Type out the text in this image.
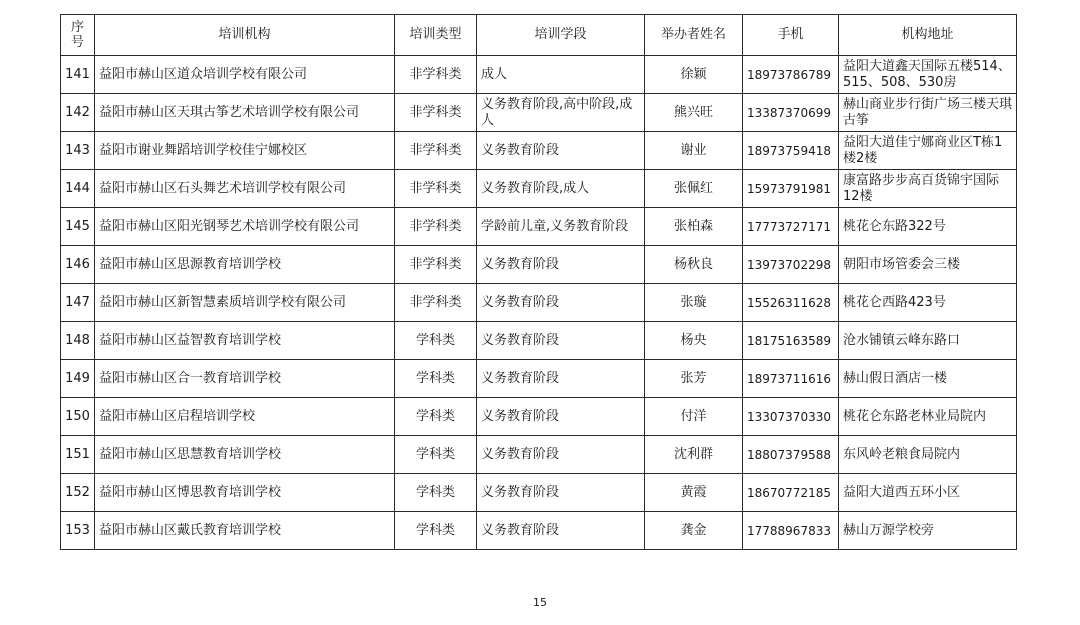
序
号	培训机构	培训类型	培训学段	举办者姓名	手机	机构地址
141	益阳市赫山区道众培训学校有限公司	非学科类	成人	徐颖	18973786789	益阳大道鑫天国际五楼514、515、508、530房
142	益阳市赫山区天琪古筝艺术培训学校有限公司	非学科类	义务教育阶段,高中阶段,成人	熊兴旺	13387370699	赫山商业步行街广场三楼天琪古筝
143	益阳市谢业舞蹈培训学校佳宁娜校区	非学科类	义务教育阶段	谢业	18973759418	益阳大道佳宁娜商业区T栋1楼2楼
144	益阳市赫山区石头舞艺术培训学校有限公司	非学科类	义务教育阶段,成人	张佩红	15973791981	康富路步步高百货锦宇国际12楼
145	益阳市赫山区阳光钢琴艺术培训学校有限公司	非学科类	学龄前儿童,义务教育阶段	张柏森	17773727171	桃花仑东路322号
146	益阳市赫山区思源教育培训学校	非学科类	义务教育阶段	杨秋良	13973702298	朝阳市场管委会三楼
147	益阳市赫山区新智慧素质培训学校有限公司	非学科类	义务教育阶段	张璇	15526311628	桃花仑西路423号
148	益阳市赫山区益智教育培训学校	学科类	义务教育阶段	杨央	18175163589	沧水铺镇云峰东路口
149	益阳市赫山区合一教育培训学校	学科类	义务教育阶段	张芳	18973711616	赫山假日酒店一楼
150	益阳市赫山区启程培训学校	学科类	义务教育阶段	付洋	13307370330	桃花仑东路老林业局院内
151	益阳市赫山区思慧教育培训学校	学科类	义务教育阶段	沈利群	18807379588	东风岭老粮食局院内
152	益阳市赫山区博思教育培训学校	学科类	义务教育阶段	黄霞	18670772185	益阳大道西五环小区
153	益阳市赫山区戴氏教育培训学校	学科类	义务教育阶段	龚金	17788967833	赫山万源学校旁
15
